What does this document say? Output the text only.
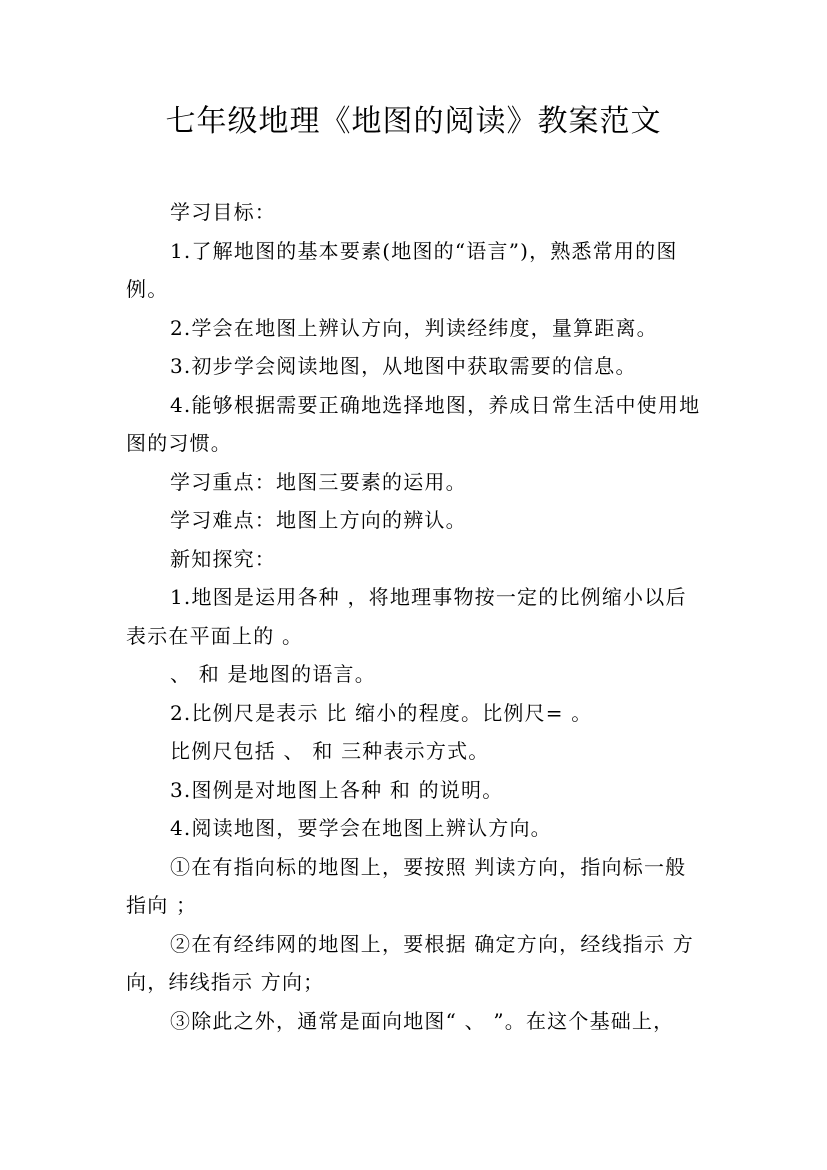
七年级地理《地图的阅读》教案范文

学习目标：

1.了解地图的基本要素(地图的“语言”)，熟悉常用的图例。

2.学会在地图上辨认方向，判读经纬度，量算距离。

3.初步学会阅读地图，从地图中获取需要的信息。

4.能够根据需要正确地选择地图，养成日常生活中使用地图的习惯。

学习重点：地图三要素的运用。

学习难点：地图上方向的辨认。

新知探究：

1.地图是运用各种 ，将地理事物按一定的比例缩小以后表示在平面上的 。

、 和 是地图的语言。

2.比例尺是表示 比 缩小的程度。比例尺= 。

比例尺包括 、 和 三种表示方式。

3.图例是对地图上各种 和 的说明。

4.阅读地图，要学会在地图上辨认方向。

①在有指向标的地图上，要按照 判读方向，指向标一般指向 ；

②在有经纬网的地图上，要根据 确定方向，经线指示 方向，纬线指示 方向；

③除此之外，通常是面向地图“ 、 ”。在这个基础上，
